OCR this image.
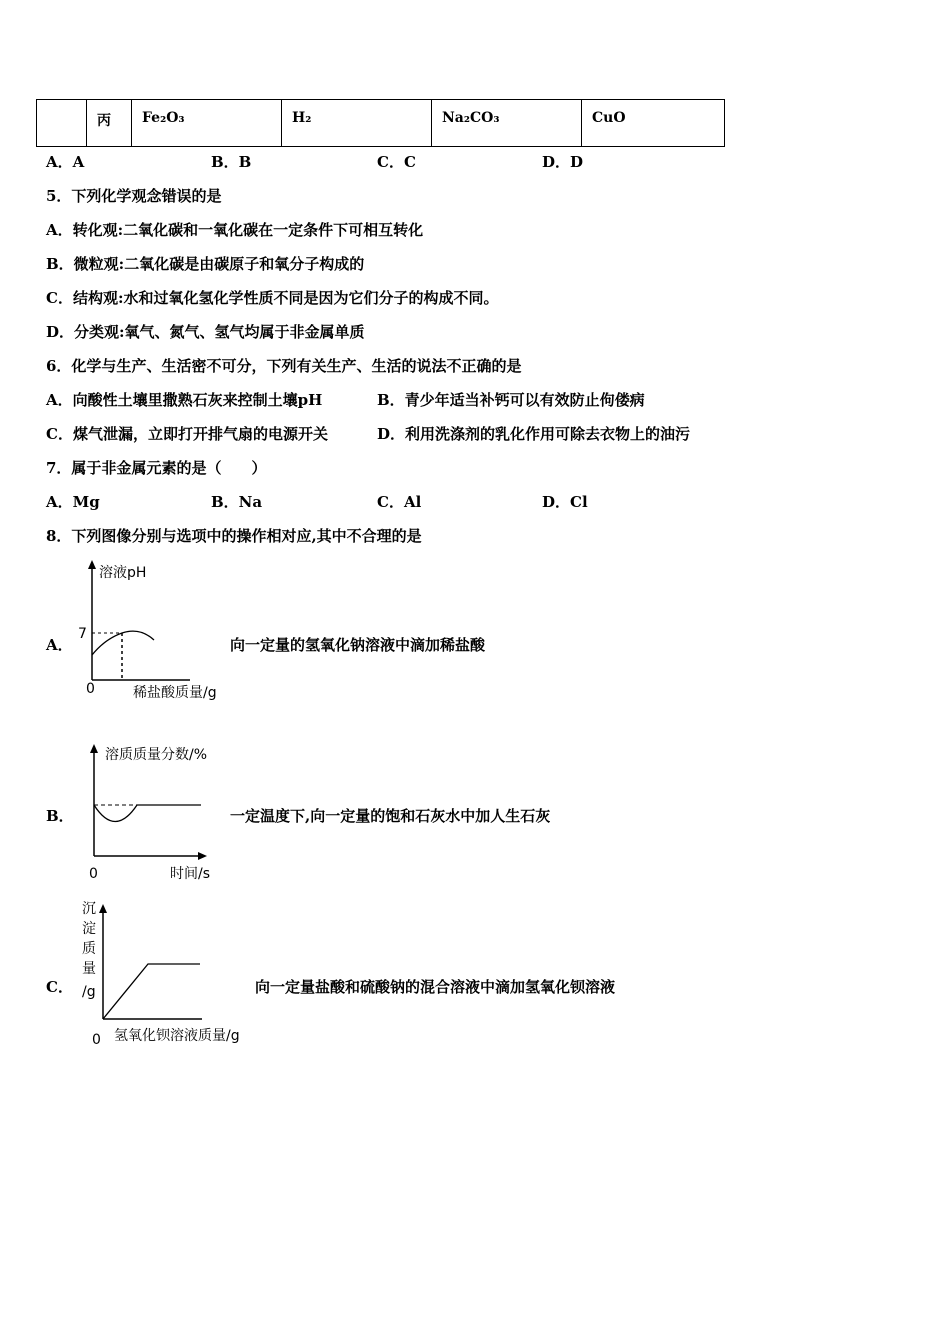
	丙	Fe₂O₃	H₂	Na₂CO₃	CuO
A．A	B．B	C．C	D．D
5．下列化学观念错误的是
A．转化观:二氧化碳和一氧化碳在一定条件下可相互转化
B．微粒观:二氧化碳是由碳原子和氧分子构成的
C．结构观:水和过氧化氢化学性质不同是因为它们分子的构成不同。
D．分类观:氧气、氮气、氢气均属于非金属单质
6．化学与生产、生活密不可分，下列有关生产、生活的说法不正确的是
A．向酸性土壤里撒熟石灰来控制土壤pH	B．青少年适当补钙可以有效防止佝偻病
C．煤气泄漏，立即打开排气扇的电源开关	D．利用洗涤剂的乳化作用可除去衣物上的油污
7．属于非金属元素的是（　　）
A．Mg	B．Na	C．Al	D．Cl
8．下列图像分别与选项中的操作相对应,其中不合理的是
A．
溶液pH
7
0	稀盐酸质量/g
向一定量的氢氧化钠溶液中滴加稀盐酸
B．
溶质质量分数/%
0	时间/s
一定温度下,向一定量的饱和石灰水中加人生石灰
C．
沉
淀
质
量
/g
0 氢氧化钡溶液质量/g
向一定量盐酸和硫酸钠的混合溶液中滴加氢氧化钡溶液
